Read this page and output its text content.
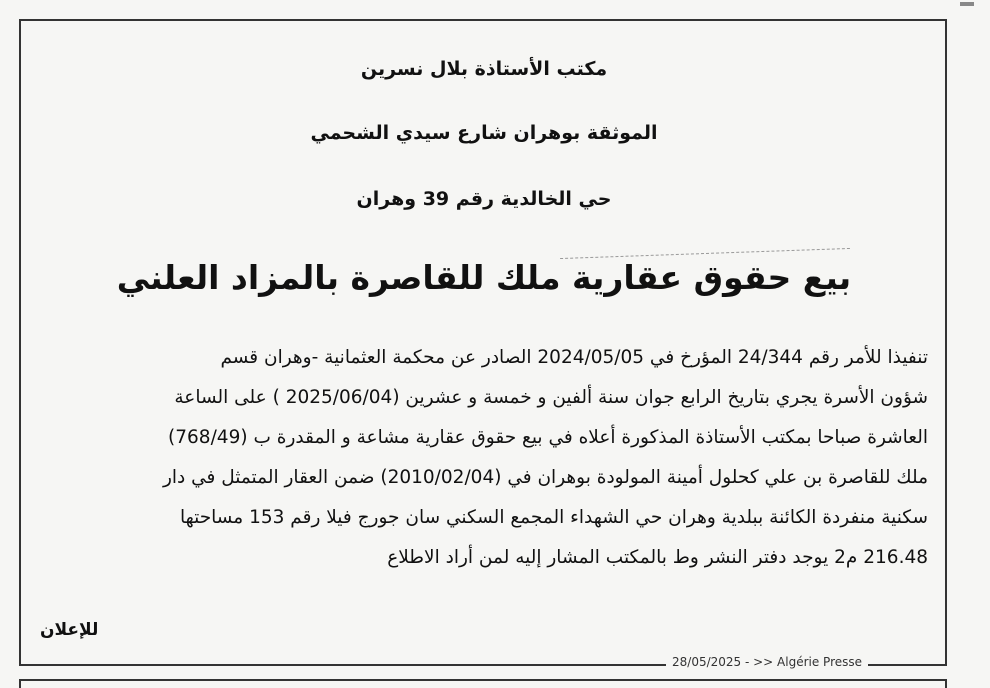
مكتب الأستاذة بلال نسرين
الموثقة بوهران شارع سيدي الشحمي
حي الخالدية رقم 39 وهران
بيع حقوق عقارية ملك للقاصرة بالمزاد العلني
تنفيذا للأمر رقم 24/344 المؤرخ في 2024/05/05 الصادر عن محكمة العثمانية -وهران قسم
شؤون الأسرة يجري بتاريخ الرابع جوان سنة ألفين و خمسة و عشرين (2025/06/04 ) على الساعة
العاشرة صباحا بمكتب الأستاذة المذكورة أعلاه في بيع حقوق عقارية مشاعة و المقدرة ب (768/49)
ملك للقاصرة بن علي كحلول أمينة المولودة بوهران في (2010/02/04) ضمن العقار المتمثل في دار
سكنية منفردة الكائنة ببلدية وهران حي الشهداء المجمع السكني سان جورج فيلا رقم 153 مساحتها
216.48 م2 يوجد دفتر النشر وط بالمكتب المشار إليه لمن أراد الاطلاع
للإعلان
28/05/2025 - >> Algérie Presse
